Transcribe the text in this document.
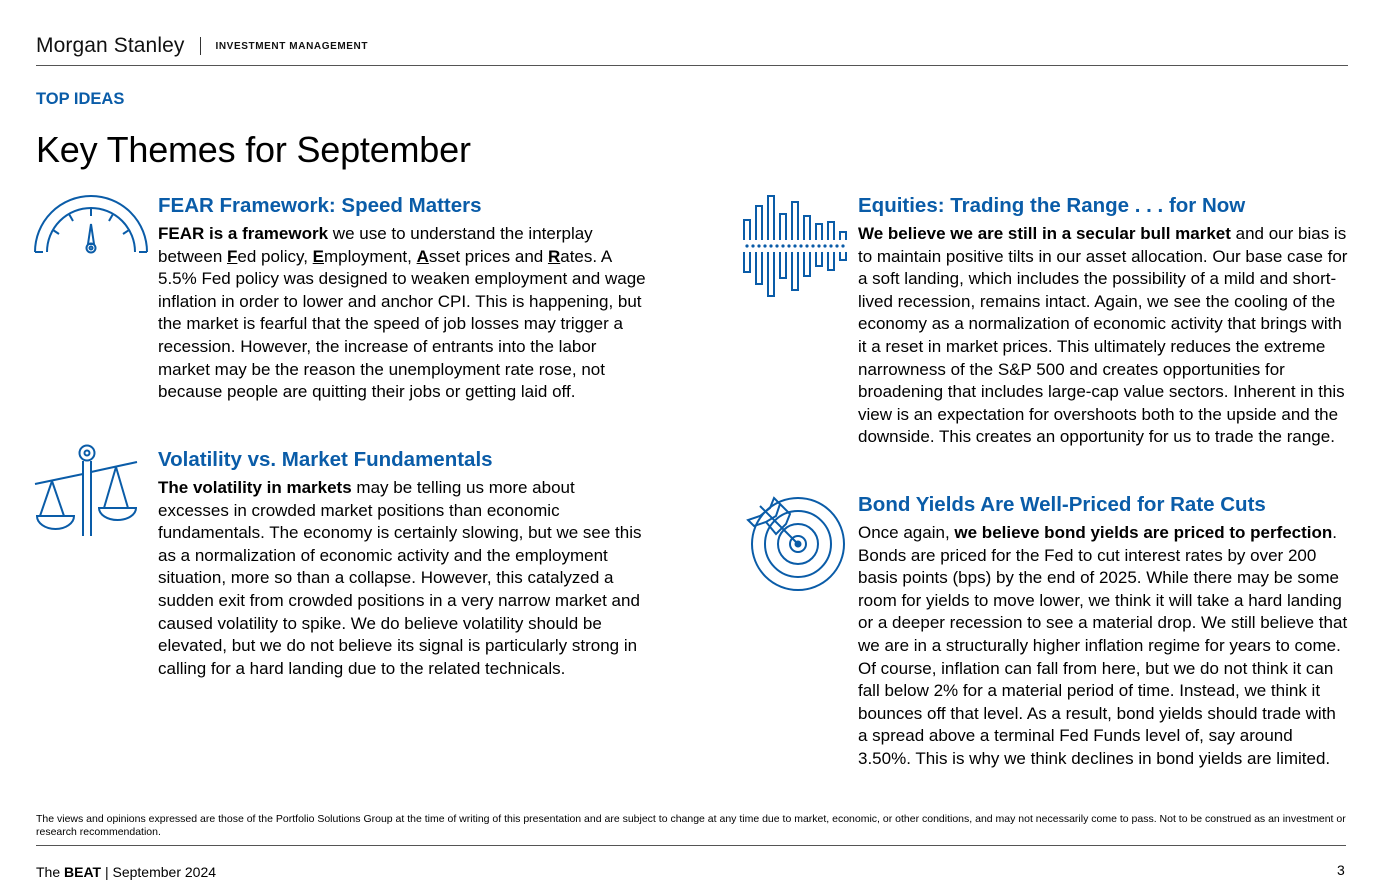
Morgan Stanley	INVESTMENT MANAGEMENT
TOP IDEAS
Key Themes for September
FEAR Framework: Speed Matters

FEAR is a framework we use to understand the interplay between Fed policy, Employment, Asset prices and Rates. A 5.5% Fed policy was designed to weaken employment and wage inflation in order to lower and anchor CPI. This is happening, but the market is fearful that the speed of job losses may trigger a recession. However, the increase of entrants into the labor market may be the reason the unemployment rate rose, not because people are quitting their jobs or getting laid off.

Volatility vs. Market Fundamentals

The volatility in markets may be telling us more about excesses in crowded market positions than economic fundamentals. The economy is certainly slowing, but we see this as a normalization of economic activity and the employment situation, more so than a collapse. However, this catalyzed a sudden exit from crowded positions in a very narrow market and caused volatility to spike. We do believe volatility should be elevated, but we do not believe its signal is particularly strong in calling for a hard landing due to the related technicals.

Equities: Trading the Range . . . for Now

We believe we are still in a secular bull market and our bias is to maintain positive tilts in our asset allocation. Our base case for a soft landing, which includes the possibility of a mild and short-lived recession, remains intact. Again, we see the cooling of the economy as a normalization of economic activity that brings with it a reset in market prices. This ultimately reduces the extreme narrowness of the S&P 500 and creates opportunities for broadening that includes large-cap value sectors. Inherent in this view is an expectation for overshoots both to the upside and the downside. This creates an opportunity for us to trade the range.

Bond Yields Are Well-Priced for Rate Cuts

Once again, we believe bond yields are priced to perfection. Bonds are priced for the Fed to cut interest rates by over 200 basis points (bps) by the end of 2025. While there may be some room for yields to move lower, we think it will take a hard landing or a deeper recession to see a material drop. We still believe that we are in a structurally higher inflation regime for years to come. Of course, inflation can fall from here, but we do not think it can fall below 2% for a material period of time. Instead, we think it bounces off that level. As a result, bond yields should trade with a spread above a terminal Fed Funds level of, say around 3.50%. This is why we think declines in bond yields are limited.

The views and opinions expressed are those of the Portfolio Solutions Group at the time of writing of this presentation and are subject to change at any time due to market, economic, or other conditions, and may not necessarily come to pass. Not to be construed as an investment or research recommendation.
The BEAT | September 2024	3
